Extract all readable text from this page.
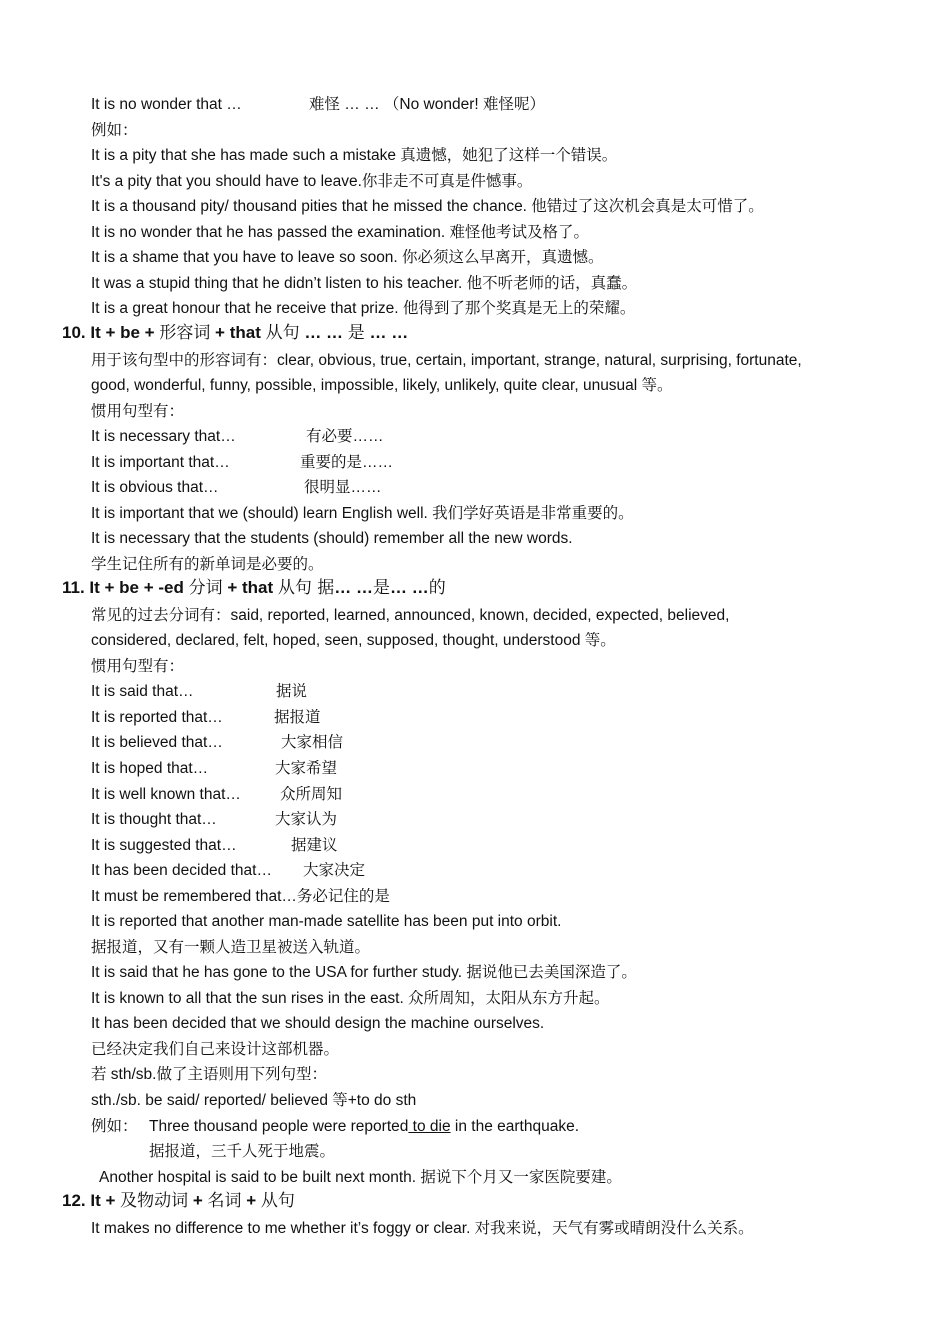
It is no wonder that …	难怪 … … （No wonder! 难怪呢）
例如：
It is a pity that she has made such a mistake 真遗憾，她犯了这样一个错误。
It's a pity that you should have to leave.你非走不可真是件憾事。
It is a thousand pity/ thousand pities that he missed the chance. 他错过了这次机会真是太可惜了。
It is no wonder that he has passed the examination. 难怪他考试及格了。
It is a shame that you have to leave so soon. 你必须这么早离开，真遗憾。
It was a stupid thing that he didn’t listen to his teacher. 他不听老师的话，真蠢。
It is a great honour that he receive that prize. 他得到了那个奖真是无上的荣耀。
10. It + be + 形容词 + that 从句 … … 是 … …
用于该句型中的形容词有：clear, obvious, true, certain, important, strange, natural, surprising, fortunate,
good, wonderful, funny, possible, impossible, likely, unlikely, quite clear, unusual 等。
惯用句型有：
It is necessary that…	有必要……
It is important that…	重要的是……
It is obvious that…	很明显……
It is important that we (should) learn English well. 我们学好英语是非常重要的。
It is necessary that the students (should) remember all the new words.
学生记住所有的新单词是必要的。
11. It + be + -ed 分词 + that 从句 据… …是… …的
常见的过去分词有：said, reported, learned, announced, known, decided, expected, believed,
considered, declared, felt, hoped, seen, supposed, thought, understood 等。
惯用句型有：
It is said that…	据说
It is reported that…	据报道
It is believed that…	大家相信
It is hoped that…	大家希望
It is well known that…	众所周知
It is thought that…	大家认为
It is suggested that…	据建议
It has been decided that… 大家决定
It must be remembered that…务必记住的是
It is reported that another man-made satellite has been put into orbit.
据报道，又有一颗人造卫星被送入轨道。
It is said that he has gone to the USA for further study. 据说他已去美国深造了。
It is known to all that the sun rises in the east. 众所周知，太阳从东方升起。
It has been decided that we should design the machine ourselves.
已经决定我们自己来设计这部机器。
若 sth/sb.做了主语则用下列句型：
sth./sb. be said/ reported/ believed 等+to do sth
例如： Three thousand people were reported to die in the earthquake.
据报道，三千人死于地震。
Another hospital is said to be built next month. 据说下个月又一家医院要建。
12. It + 及物动词 + 名词 + 从句
It makes no difference to me whether it’s foggy or clear. 对我来说，天气有雾或晴朗没什么关系。
